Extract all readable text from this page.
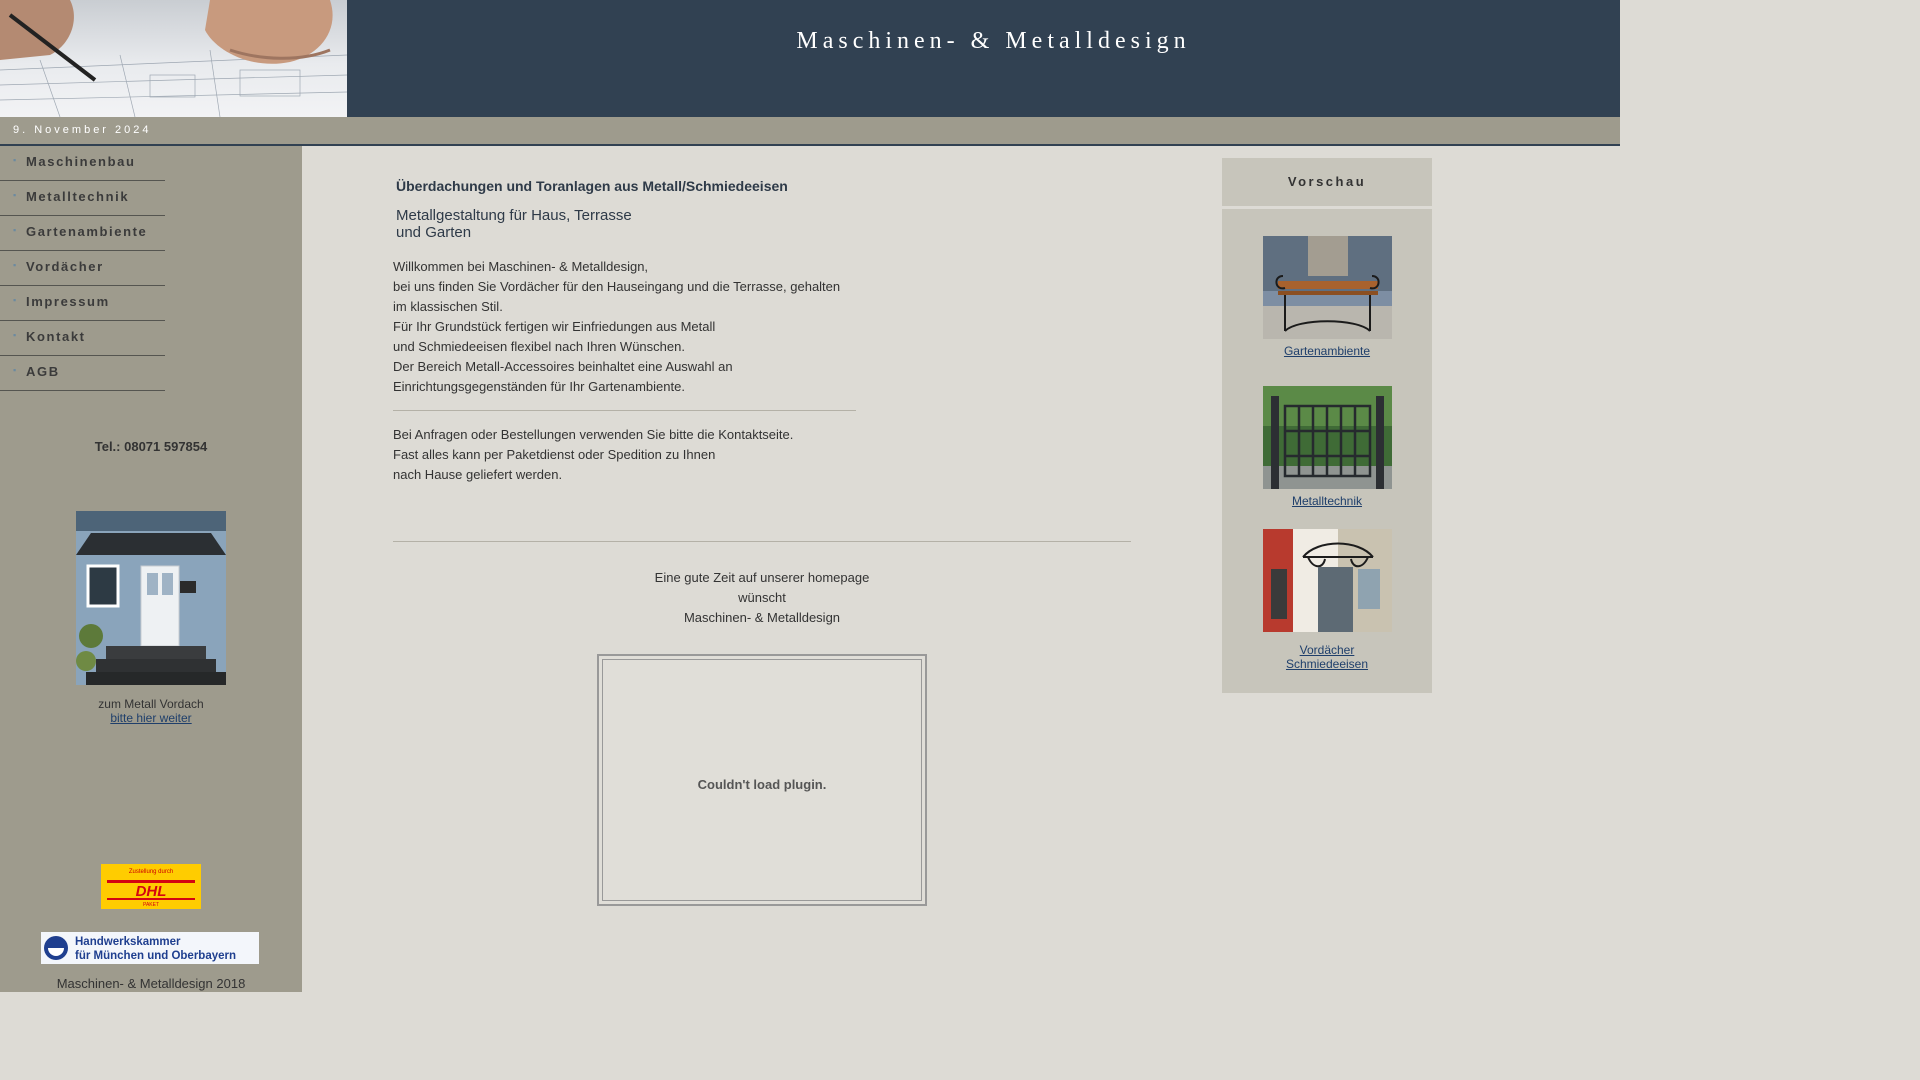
Maschinen- & Metalldesign
9. November 2024
▪ Maschinenbau
▪ Metalltechnik
▪ Gartenambiente
▪ Vordächer
▪ Impressum
▪ Kontakt
▪ AGB
Tel.: 08071 597854
zum Metall Vordach
bitte hier weiter
Zustellung durch
DHL
PAKET
Handwerkskammer
für München und Oberbayern
Maschinen- & Metalldesign 2018
Überdachungen und Toranlagen aus Metall/Schmiedeeisen
Metallgestaltung für Haus, Terrasse und Garten
Willkommen bei Maschinen- & Metalldesign,
bei uns finden Sie Vordächer für den Hauseingang und die Terrasse, gehalten
im klassischen Stil.
Für Ihr Grundstück fertigen wir Einfriedungen aus Metall
und Schmiedeeisen flexibel nach Ihren Wünschen.
Der Bereich Metall-Accessoires beinhaltet eine Auswahl an
Einrichtungsgegenständen für Ihr Gartenambiente.
Bei Anfragen oder Bestellungen verwenden Sie bitte die Kontaktseite.
Fast alles kann per Paketdienst oder Spedition zu Ihnen
nach Hause geliefert werden.
Eine gute Zeit auf unserer homepage
wünscht
Maschinen- & Metalldesign
Couldn't load plugin.
Vorschau
Gartenambiente
Metalltechnik
Vordächer
Schmiedeeisen
